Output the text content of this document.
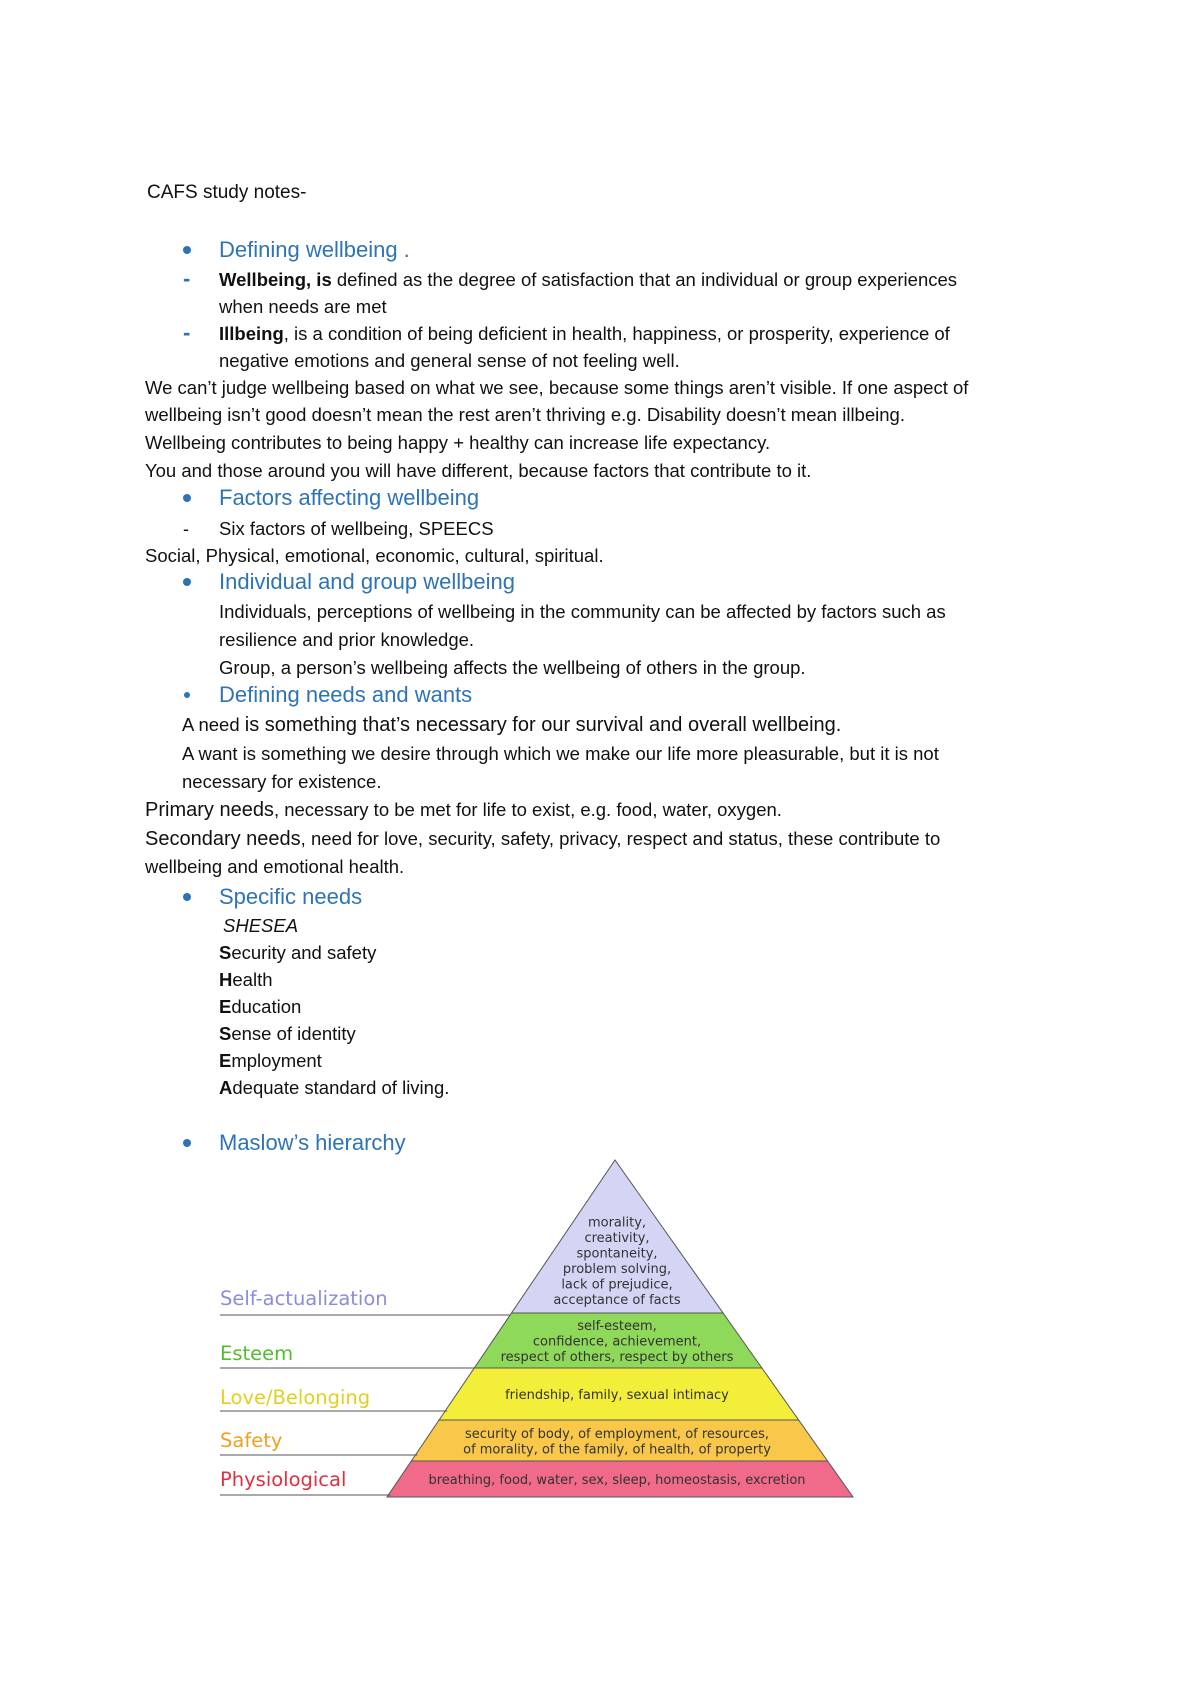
CAFS study notes-
Defining wellbeing .
- Wellbeing, is defined as the degree of satisfaction that an individual or group experiences
when needs are met
- Illbeing, is a condition of being deficient in health, happiness, or prosperity, experience of
negative emotions and general sense of not feeling well.
We can’t judge wellbeing based on what we see, because some things aren’t visible. If one aspect of
wellbeing isn’t good doesn’t mean the rest aren’t thriving e.g. Disability doesn’t mean illbeing.
Wellbeing contributes to being happy + healthy can increase life expectancy.
You and those around you will have different, because factors that contribute to it.
Factors affecting wellbeing
- Six factors of wellbeing, SPEECS
Social, Physical, emotional, economic, cultural, spiritual.
Individual and group wellbeing
Individuals, perceptions of wellbeing in the community can be affected by factors such as
resilience and prior knowledge.
Group, a person’s wellbeing affects the wellbeing of others in the group.
Defining needs and wants
A need is something that’s necessary for our survival and overall wellbeing.
A want is something we desire through which we make our life more pleasurable, but it is not
necessary for existence.
Primary needs, necessary to be met for life to exist, e.g. food, water, oxygen.
Secondary needs, need for love, security, safety, privacy, respect and status, these contribute to
wellbeing and emotional health.
Specific needs
SHESEA
Security and safety
Health
Education
Sense of identity
Employment
Adequate standard of living.
Maslow’s hierarchy
morality,
creativity,
spontaneity,
problem solving,
lack of prejudice,
acceptance of facts
Self-actualization
self-esteem,
confidence, achievement,
respect of others, respect by others
Esteem
friendship, family, sexual intimacy
Love/Belonging
security of body, of employment, of resources,
of morality, of the family, of health, of property
Safety
breathing, food, water, sex, sleep, homeostasis, excretion
Physiological
